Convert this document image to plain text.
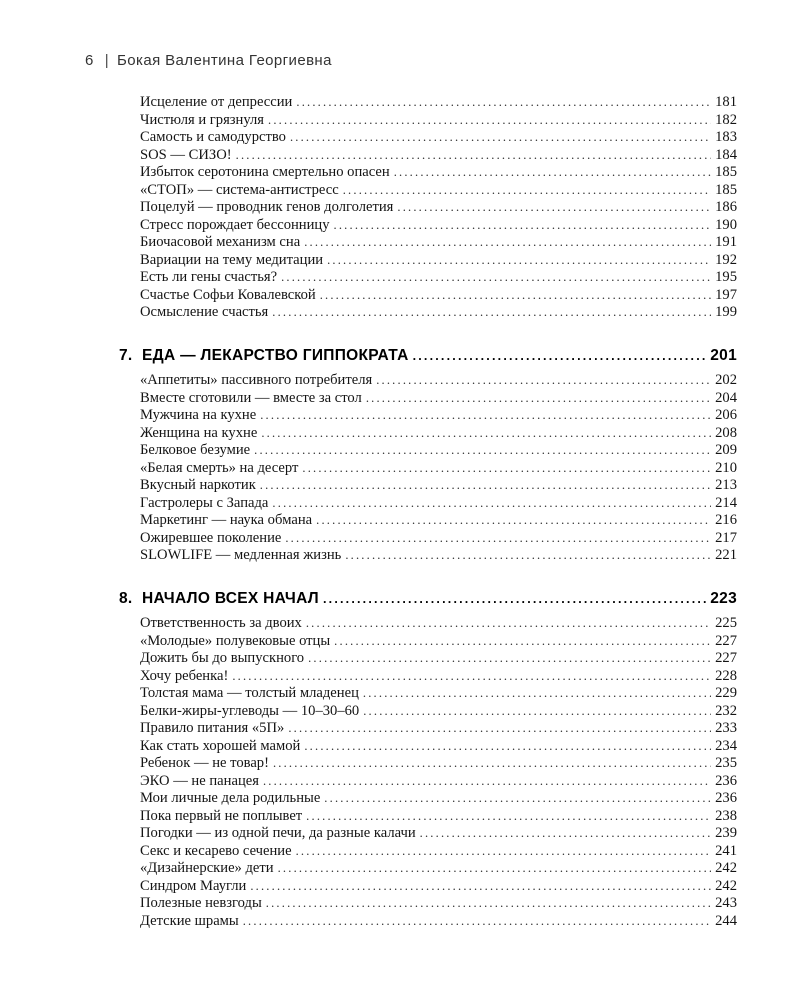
6 | Бокая Валентина Георгиевна
Исцеление от депрессии .....	181
Чистюля и грязнуля .....	182
Самость и самодурство .....	183
SOS — СИЗО! .....	184
Избыток серотонина смертельно опасен .....	185
«СТОП» — система-антистресс .....	185
Поцелуй — проводник генов долголетия .....	186
Стресс порождает бессонницу .....	190
Биочасовой механизм сна .....	191
Вариации на тему медитации .....	192
Есть ли гены счастья? .....	195
Счастье Софьи Ковалевской .....	197
Осмысление счастья .....	199
7. ЕДА — ЛЕКАРСТВО ГИППОКРАТА .....	201
«Аппетиты» пассивного потребителя .....	202
Вместе сготовили — вместе за стол .....	204
Мужчина на кухне .....	206
Женщина на кухне .....	208
Белковое безумие .....	209
«Белая смерть» на десерт .....	210
Вкусный наркотик .....	213
Гастролеры с Запада .....	214
Маркетинг — наука обмана .....	216
Ожиревшее поколение .....	217
SLOWLIFE — медленная жизнь .....	221
8. НАЧАЛО ВСЕХ НАЧАЛ .....	223
Ответственность за двоих .....	225
«Молодые» полувековые отцы .....	227
Дожить бы до выпускного .....	227
Хочу ребенка! .....	228
Толстая мама — толстый младенец .....	229
Белки-жиры-углеводы — 10–30–60 .....	232
Правило питания «5П» .....	233
Как стать хорошей мамой .....	234
Ребенок — не товар! .....	235
ЭКО — не панацея .....	236
Мои личные дела родильные .....	236
Пока первый не поплывет .....	238
Погодки — из одной печи, да разные калачи .....	239
Секс и кесарево сечение .....	241
«Дизайнерские» дети .....	242
Синдром Маугли .....	242
Полезные невзгоды .....	243
Детские шрамы .....	244
